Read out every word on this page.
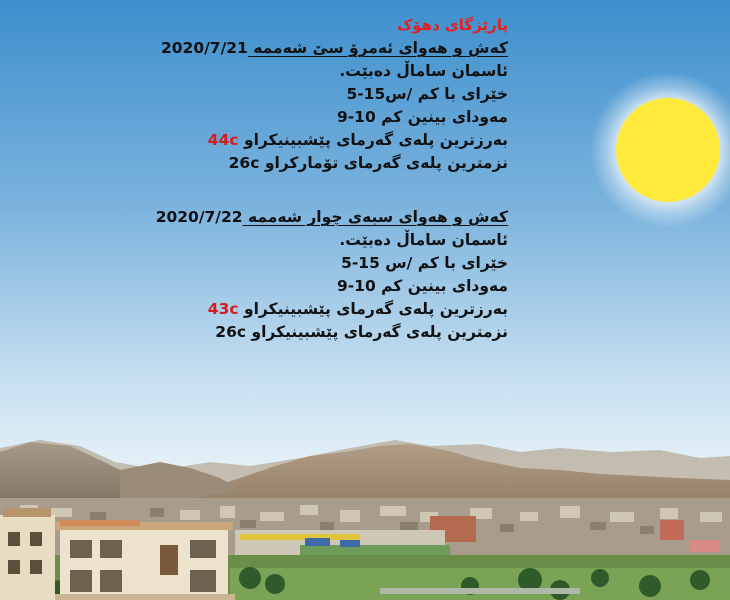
پارێزگای دهۆک
کەش و هەوای ئەمرۆ سێ شەممە 2020/7/21
ئاسمان ساماڵ دەبێت.
خێرای با 5-15کم /س
مەودای بینین 9-10 کم
بەرزترین پلەی گەرمای پێشبینیکراو 44c
نزمترین پلەی گەرمای تۆمارکراو 26c
کەش و هەوای سبەی چوار شەممە 2020/7/22
ئاسمان ساماڵ دەبێت.
خێرای با 5-15 کم /س
مەودای بینین 9-10 کم
بەرزترین پلەی گەرمای پێشبینیکراو 43c
نزمترین پلەی گەرمای پێشبینیکراو 26c
